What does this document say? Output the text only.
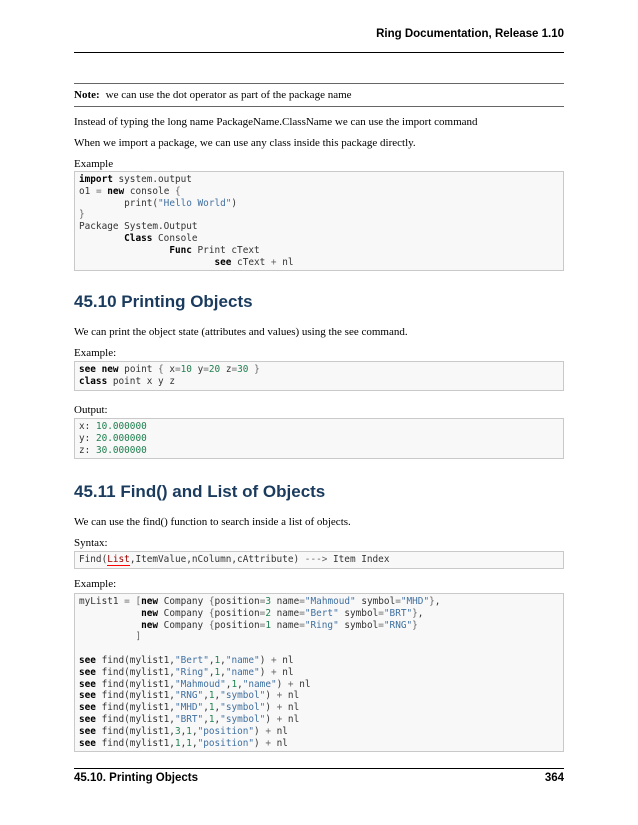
Ring Documentation, Release 1.10
Note: we can use the dot operator as part of the package name
Instead of typing the long name PackageName.ClassName we can use the import command
When we import a package, we can use any class inside this package directly.
Example
import system.output
o1 = new console {
print("Hello World")
}
Package System.Output
Class Console
Func Print cText
see cText + nl
45.10 Printing Objects
We can print the object state (attributes and values) using the see command.
Example:
see new point { x=10 y=20 z=30 }
class point x y z
Output:
x: 10.000000
y: 20.000000
z: 30.000000
45.11 Find() and List of Objects
We can use the find() function to search inside a list of objects.
Syntax:
Find(List,ItemValue,nColumn,cAttribute) ---> Item Index
Example:
myList1 = [new Company {position=3 name="Mahmoud" symbol="MHD"},
new Company {position=2 name="Bert" symbol="BRT"},
new Company {position=1 name="Ring" symbol="RNG"}
]

see find(mylist1,"Bert",1,"name") + nl
see find(mylist1,"Ring",1,"name") + nl
see find(mylist1,"Mahmoud",1,"name") + nl
see find(mylist1,"RNG",1,"symbol") + nl
see find(mylist1,"MHD",1,"symbol") + nl
see find(mylist1,"BRT",1,"symbol") + nl
see find(mylist1,3,1,"position") + nl
see find(mylist1,1,1,"position") + nl
45.10. Printing Objects	364
